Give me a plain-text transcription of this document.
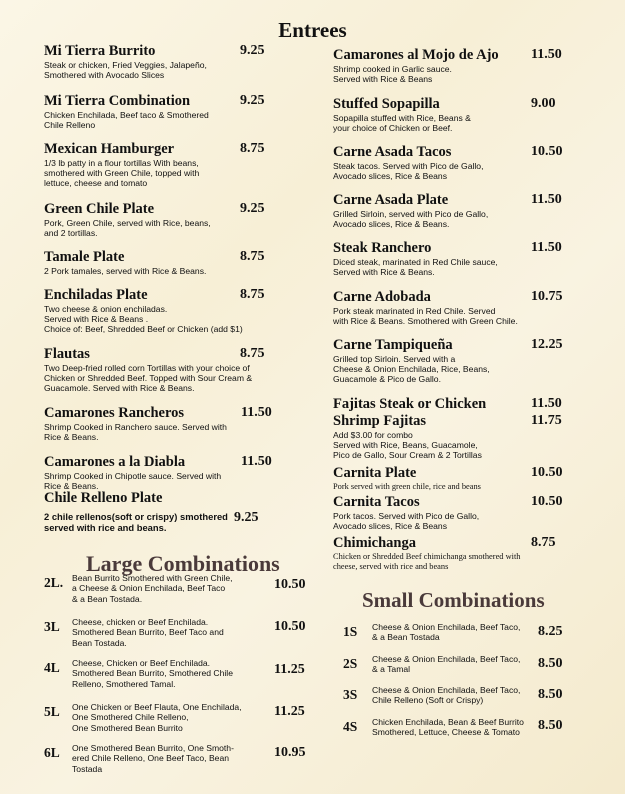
Entrees
Mi Tierra Burrito	9.25
Steak or chicken, Fried Veggies, Jalapeño,
Smothered with Avocado Slices
Mi Tierra Combination	9.25
Chicken Enchilada, Beef taco & Smothered
Chile Relleno
Mexican Hamburger	8.75
1/3 lb patty in a flour tortillas With beans,
smothered with Green Chile, topped with
lettuce, cheese and tomato
Green Chile Plate	9.25
Pork, Green Chile, served with Rice, beans,
and 2 tortillas.
Tamale Plate	8.75
2 Pork tamales, served with Rice & Beans.
Enchiladas Plate	8.75
Two cheese & onion enchiladas.
Served with Rice & Beans .
Choice of: Beef, Shredded Beef or Chicken (add $1)
Flautas	8.75
Two Deep-fried rolled corn Tortillas with your choice of
Chicken or Shredded Beef. Topped with Sour Cream &
Guacamole. Served with Rice & Beans.
Camarones Rancheros	11.50
Shrimp Cooked in Ranchero sauce. Served with
Rice & Beans.
Camarones a la Diabla	11.50
Shrimp Cooked in Chipotle sauce. Served with
Rice & Beans.
Chile Relleno Plate
9.25
2 chile rellenos(soft or crispy) smothered
served with rice and beans.
Camarones al Mojo de Ajo	11.50
Shrimp cooked in Garlic sauce.
Served with Rice & Beans
Stuffed Sopapilla	9.00
Sopapilla stuffed with Rice, Beans &
your choice of Chicken or Beef.
Carne Asada Tacos	10.50
Steak tacos. Served with Pico de Gallo,
Avocado slices, Rice & Beans
Carne Asada Plate	11.50
Grilled Sirloin, served with Pico de Gallo,
Avocado slices, Rice & Beans.
Steak Ranchero	11.50
Diced steak, marinated in Red Chile sauce,
Served with Rice & Beans.
Carne Adobada	10.75
Pork steak marinated in Red Chile. Served
with Rice & Beans. Smothered with Green Chile.
Carne Tampiqueña	12.25
Grilled top Sirloin. Served with a
Cheese & Onion Enchilada, Rice, Beans,
Guacamole & Pico de Gallo.
Fajitas Steak or Chicken	11.50
Shrimp Fajitas	11.75
Add $3.00 for combo
Served with Rice, Beans, Guacamole,
Pico de Gallo, Sour Cream & 2 Tortillas
Carnita Plate	10.50
Pork served with green chile, rice and beans
Carnita Tacos	10.50
Pork tacos. Served with Pico de Gallo,
Avocado slices, Rice & Beans
Chimichanga	8.75
Chicken or Shredded Beef chimichanga smothered with
cheese, served with rice and beans
Large Combinations
2L. Bean Burrito Smothered with Green Chile,
a Cheese & Onion Enchilada, Beef Taco
& a Bean Tostada.
10.50
3L Cheese, chicken or Beef Enchilada.
Smothered Bean Burrito, Beef Taco and
Bean Tostada.
10.50
4L Cheese, Chicken or Beef Enchilada.
Smothered Bean Burrito, Smothered Chile
Relleno, Smothered Tamal.
11.25
5L One Chicken or Beef Flauta, One Enchilada,
One Smothered Chile Relleno,
One Smothered Bean Burrito
11.25
6L One Smothered Bean Burrito, One Smoth-
ered Chile Relleno, One Beef Taco, Bean
Tostada
10.95
Small Combinations
1S Cheese & Onion Enchilada, Beef Taco,
& a Bean Tostada	8.25
2S Cheese & Onion Enchilada, Beef Taco,
& a Tamal	8.50
3S Cheese & Onion Enchilada, Beef Taco,
Chile Relleno (Soft or Crispy)	8.50
4S Chicken Enchilada, Bean & Beef Burrito
Smothered, Lettuce, Cheese & Tomato 8.50
